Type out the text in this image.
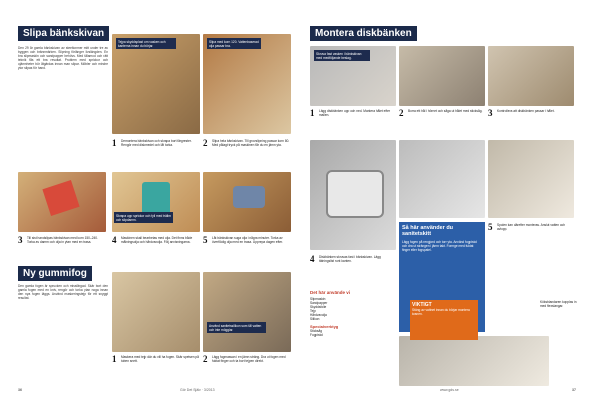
Slipa bänkskivan
Den 29 år gamla bänkskivan av steeltonmer mitt under tre av byggen och brännmärken. Slipning förlänger livslängden. En bra slipmaskin och sandpapper behövs. Med tålamod och rätt teknik fås ett bra resultat. Problem med sprickor och ojämnheter bör åtgärdas innan man slipar. Möbler och mindre ytor slipas för hand.
Tejpa skyddsplast om vasken och kanterna innan du börjar.
Slipa med korn 120. Vattenbaserad olja passar bra.
1 Demontera bänkskivan och skrapa bort färgrester. Rengör med diskmedel och låt torka.	2 Slipa hela bänkskivan. Till grovslipning passar korn 80. Med pålagt tryck på maskinen får du en jämn yta.
Skrapa upp sprickor och fyll med trälim och slipdamm.
3 Till sist handslipas bänkskivan med korn 150–240. Torka av damm och olja in ytan med en trasa.	4 Maskinen skall bearbetas med olja. Det finns både målningsolja och hårdvaxolja. Följ anvisningarna.	5 Låt bänkskivan suga olja i några minuter. Torka av överflödig olja med en trasa. Upprepa dagen efter.
Ny gummifog
Den gamla fogen är sprucken och missfärgad. Skär bort den gamla fogen med en kniv, rengör och torka ytan noga innan den nya fogen läggs. Använd maskeringstejp för ett snyggt resultat.
Använd sanitetssilikon som tål vatten och inte mögglar.
1 Maskera med tejp där du vill ha fogen. Skär spetsen på tuben snett.	2 Lägg fogmassan i en jämn sträng. Dra ut fogen med fuktat finger och ta bort tejpen direkt.
36	Gör Det Själv · 3/2013
Montera diskbänken
Skruva fast vasken i bänkskivan med medföljande beslag.
1 Lägg diskbänken upp och ned. Markera hålet efter mallen.	2 Borra ett hål i hörnet och såga ut hålet med sticksåg. 3 Kontrollera att diskbänken passar i hålet.
Så här använder du sanitetskitt
Lägg fogen på rengjord och torr yta. Använd fogpistol och dra ut strängen i jämn takt. Formge med fuktat finger eller fogspatel.
4 Diskbänken skruvas fast i bänkskivan. Lägg tätningslist runt kanten.
5 Spolen kan därefter monteras. Anslut vatten och avlopp.
Det här använde vi
Slipmaskin
Sandpapper
Skyddsfolie
Tejp
Hårdvaxolja
Silikon
Specialverktyg
Sticksåg
Fogpistol
VIKTIGT
Stäng av vattnet innan du börjar montera kranen.
Köksblandaren kopplas in med flexslangar.
www.gds.se	37
